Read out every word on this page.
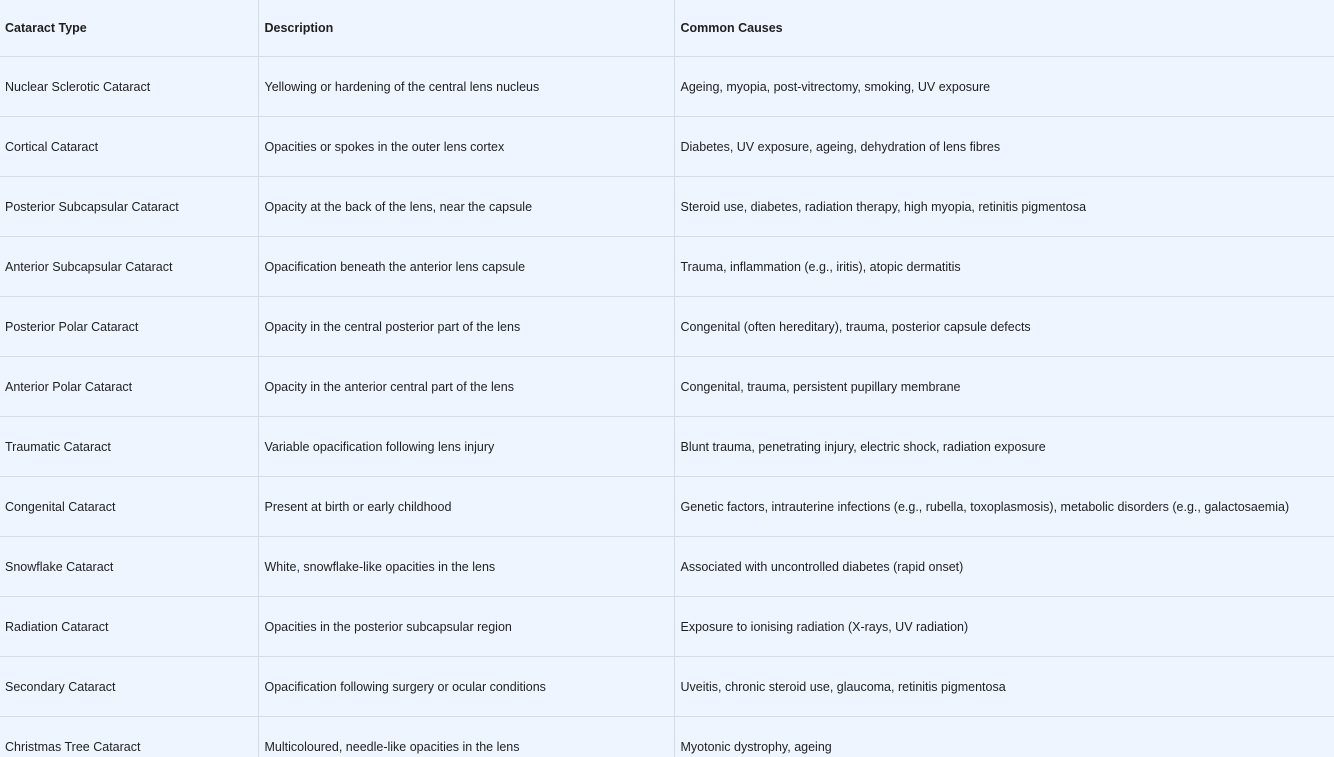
Cataract Type	Description	Common Causes
Nuclear Sclerotic Cataract	Yellowing or hardening of the central lens nucleus	Ageing, myopia, post-vitrectomy, smoking, UV exposure
Cortical Cataract	Opacities or spokes in the outer lens cortex	Diabetes, UV exposure, ageing, dehydration of lens fibres
Posterior Subcapsular Cataract	Opacity at the back of the lens, near the capsule	Steroid use, diabetes, radiation therapy, high myopia, retinitis pigmentosa
Anterior Subcapsular Cataract	Opacification beneath the anterior lens capsule	Trauma, inflammation (e.g., iritis), atopic dermatitis
Posterior Polar Cataract	Opacity in the central posterior part of the lens	Congenital (often hereditary), trauma, posterior capsule defects
Anterior Polar Cataract	Opacity in the anterior central part of the lens	Congenital, trauma, persistent pupillary membrane
Traumatic Cataract	Variable opacification following lens injury	Blunt trauma, penetrating injury, electric shock, radiation exposure
Congenital Cataract	Present at birth or early childhood	Genetic factors, intrauterine infections (e.g., rubella, toxoplasmosis), metabolic disorders (e.g., galactosaemia)
Snowflake Cataract	White, snowflake-like opacities in the lens	Associated with uncontrolled diabetes (rapid onset)
Radiation Cataract	Opacities in the posterior subcapsular region	Exposure to ionising radiation (X-rays, UV radiation)
Secondary Cataract	Opacification following surgery or ocular conditions	Uveitis, chronic steroid use, glaucoma, retinitis pigmentosa
Christmas Tree Cataract	Multicoloured, needle-like opacities in the lens	Myotonic dystrophy, ageing
